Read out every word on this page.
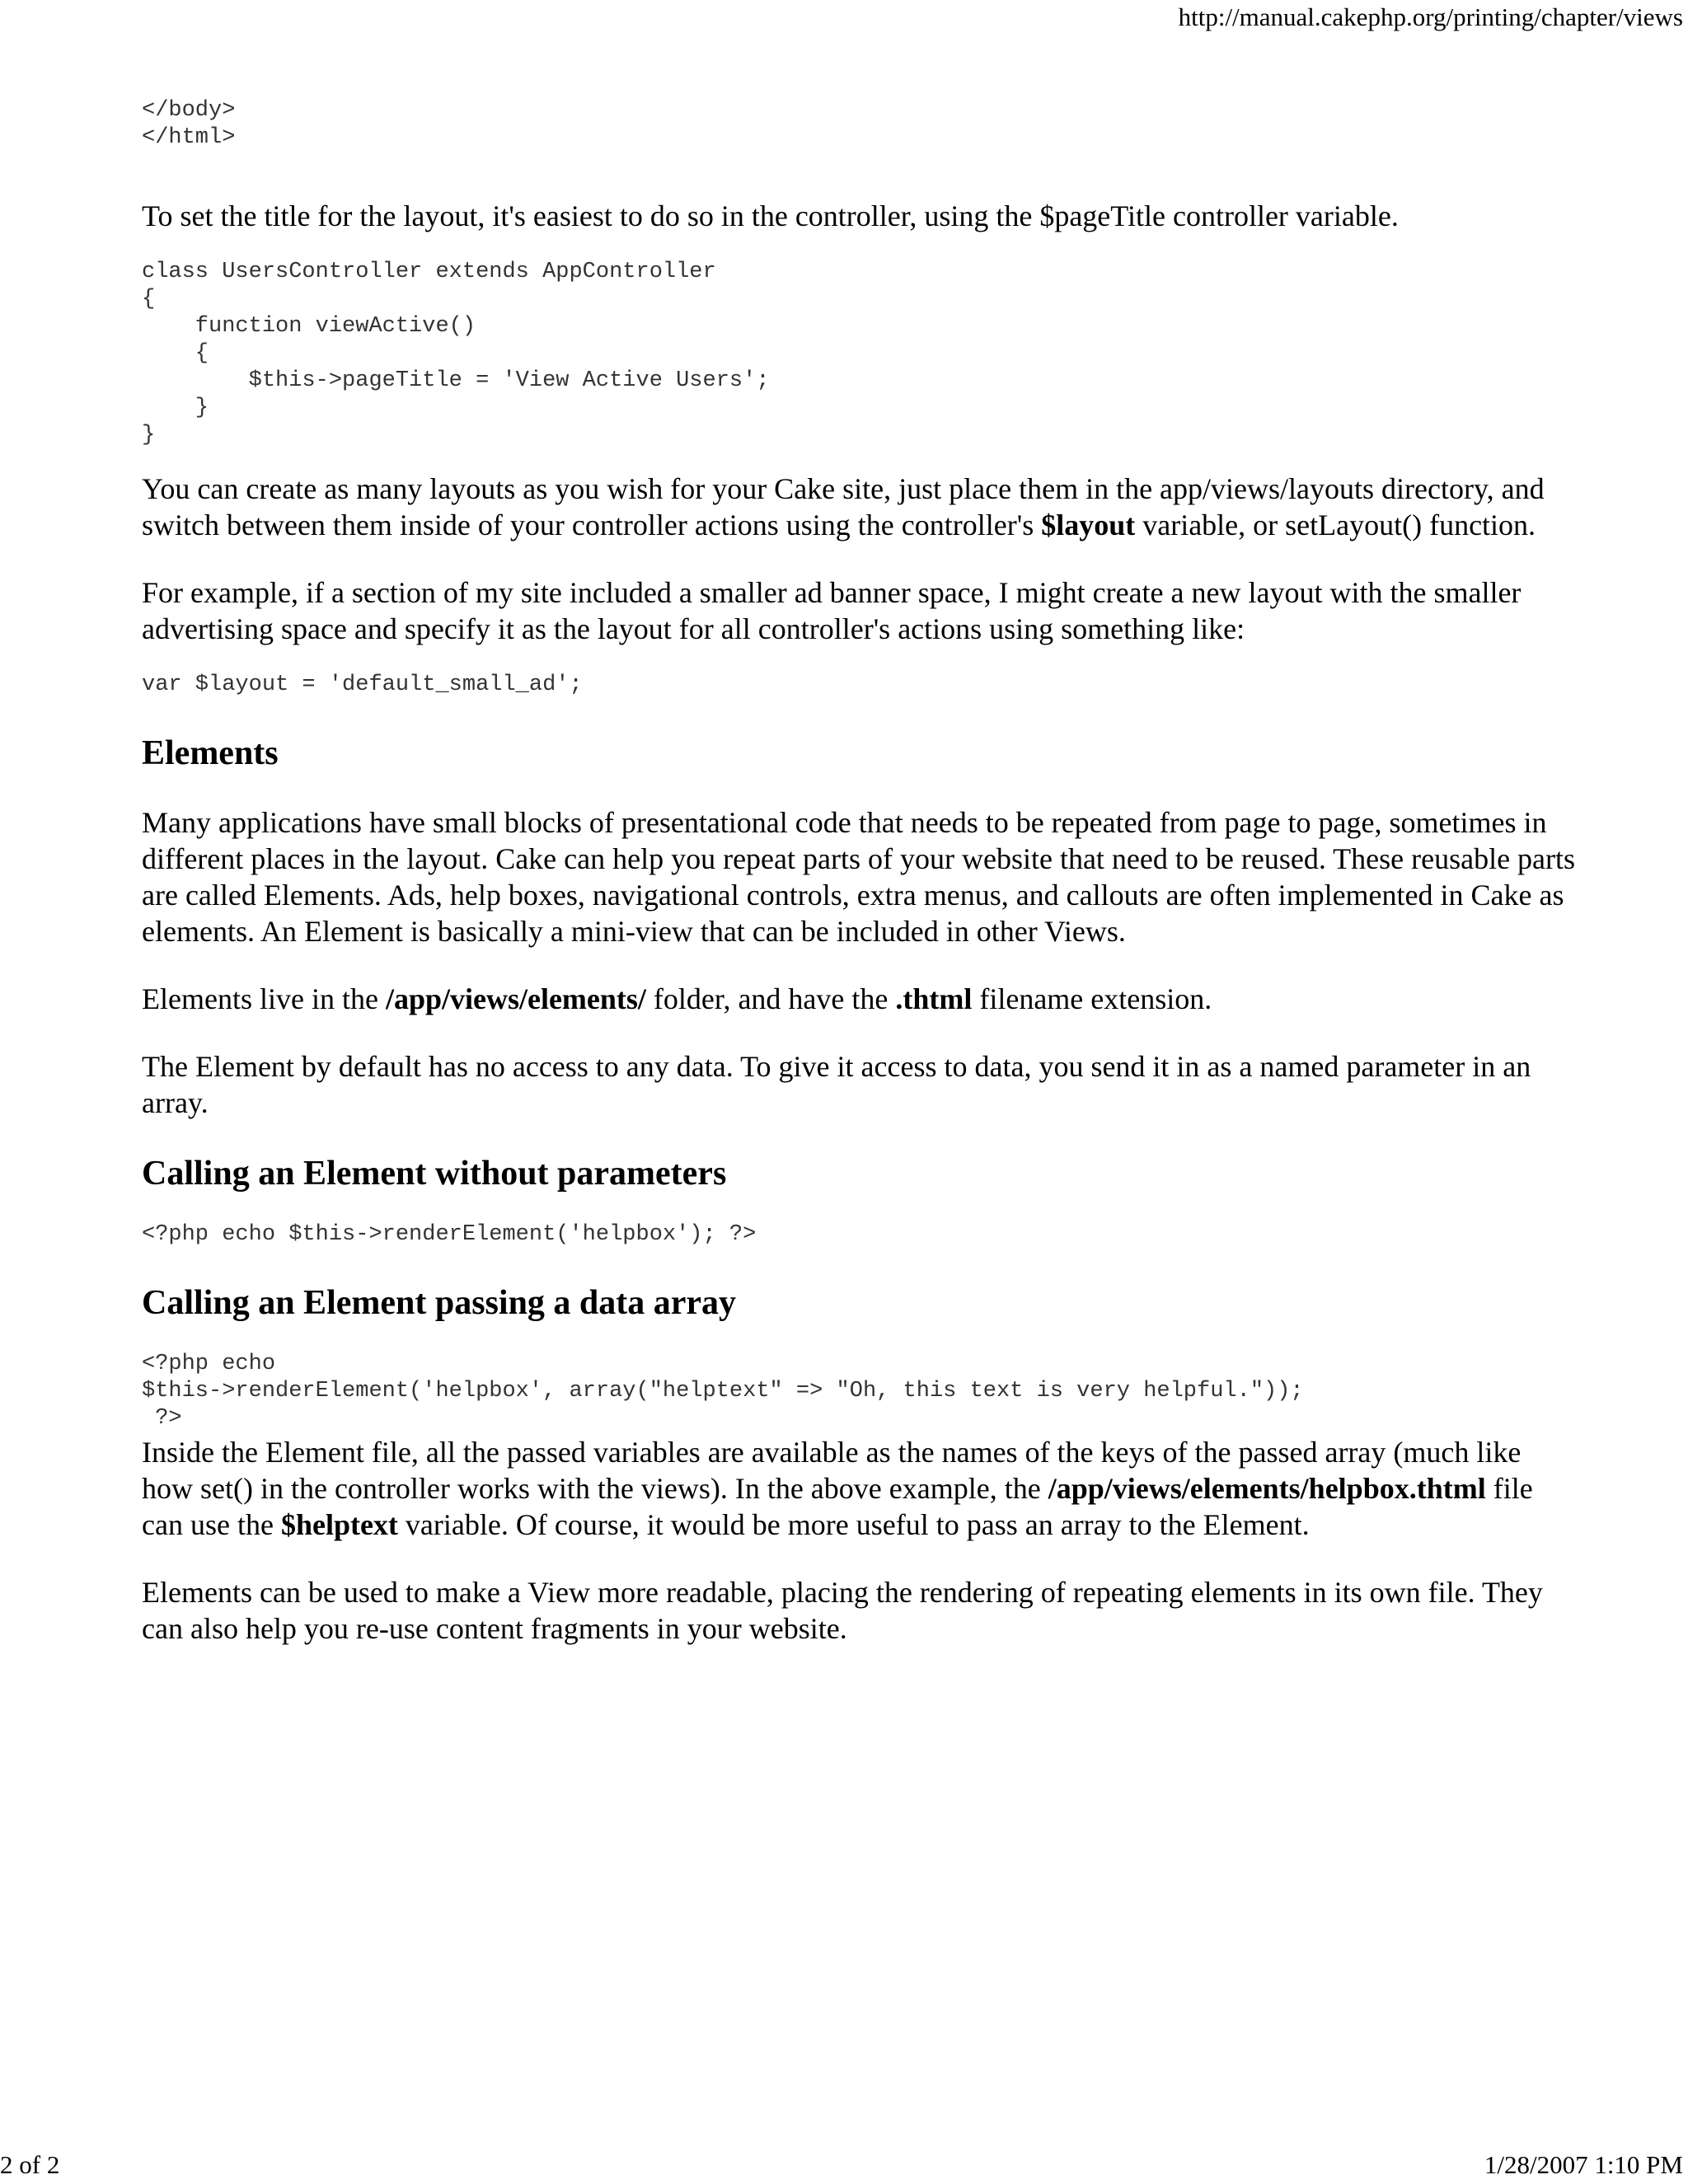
http://manual.cakephp.org/printing/chapter/views
</body>
</html>

To set the title for the layout, it's easiest to do so in the controller, using the $pageTitle controller variable.

class UsersController extends AppController
{
function viewActive()
{
$this->pageTitle = 'View Active Users';
}
}

You can create as many layouts as you wish for your Cake site, just place them in the app/views/layouts directory, and switch between them inside of your controller actions using the controller's $layout variable, or setLayout() function.

For example, if a section of my site included a smaller ad banner space, I might create a new layout with the smaller advertising space and specify it as the layout for all controller's actions using something like:

var $layout = 'default_small_ad';
Elements

Many applications have small blocks of presentational code that needs to be repeated from page to page, sometimes in different places in the layout. Cake can help you repeat parts of your website that need to be reused. These reusable parts are called Elements. Ads, help boxes, navigational controls, extra menus, and callouts are often implemented in Cake as elements. An Element is basically a mini-view that can be included in other Views.

Elements live in the /app/views/elements/ folder, and have the .thtml filename extension.

The Element by default has no access to any data. To give it access to data, you send it in as a named parameter in an array.

Calling an Element without parameters
<?php echo $this->renderElement('helpbox'); ?>
Calling an Element passing a data array
<?php echo
$this->renderElement('helpbox', array("helptext" => "Oh, this text is very helpful."));
?>

Inside the Element file, all the passed variables are available as the names of the keys of the passed array (much like how set() in the controller works with the views). In the above example, the /app/views/elements/helpbox.thtml file can use the $helptext variable. Of course, it would be more useful to pass an array to the Element.

Elements can be used to make a View more readable, placing the rendering of repeating elements in its own file. They can also help you re-use content fragments in your website.

2 of 2	1/28/2007 1:10 PM
